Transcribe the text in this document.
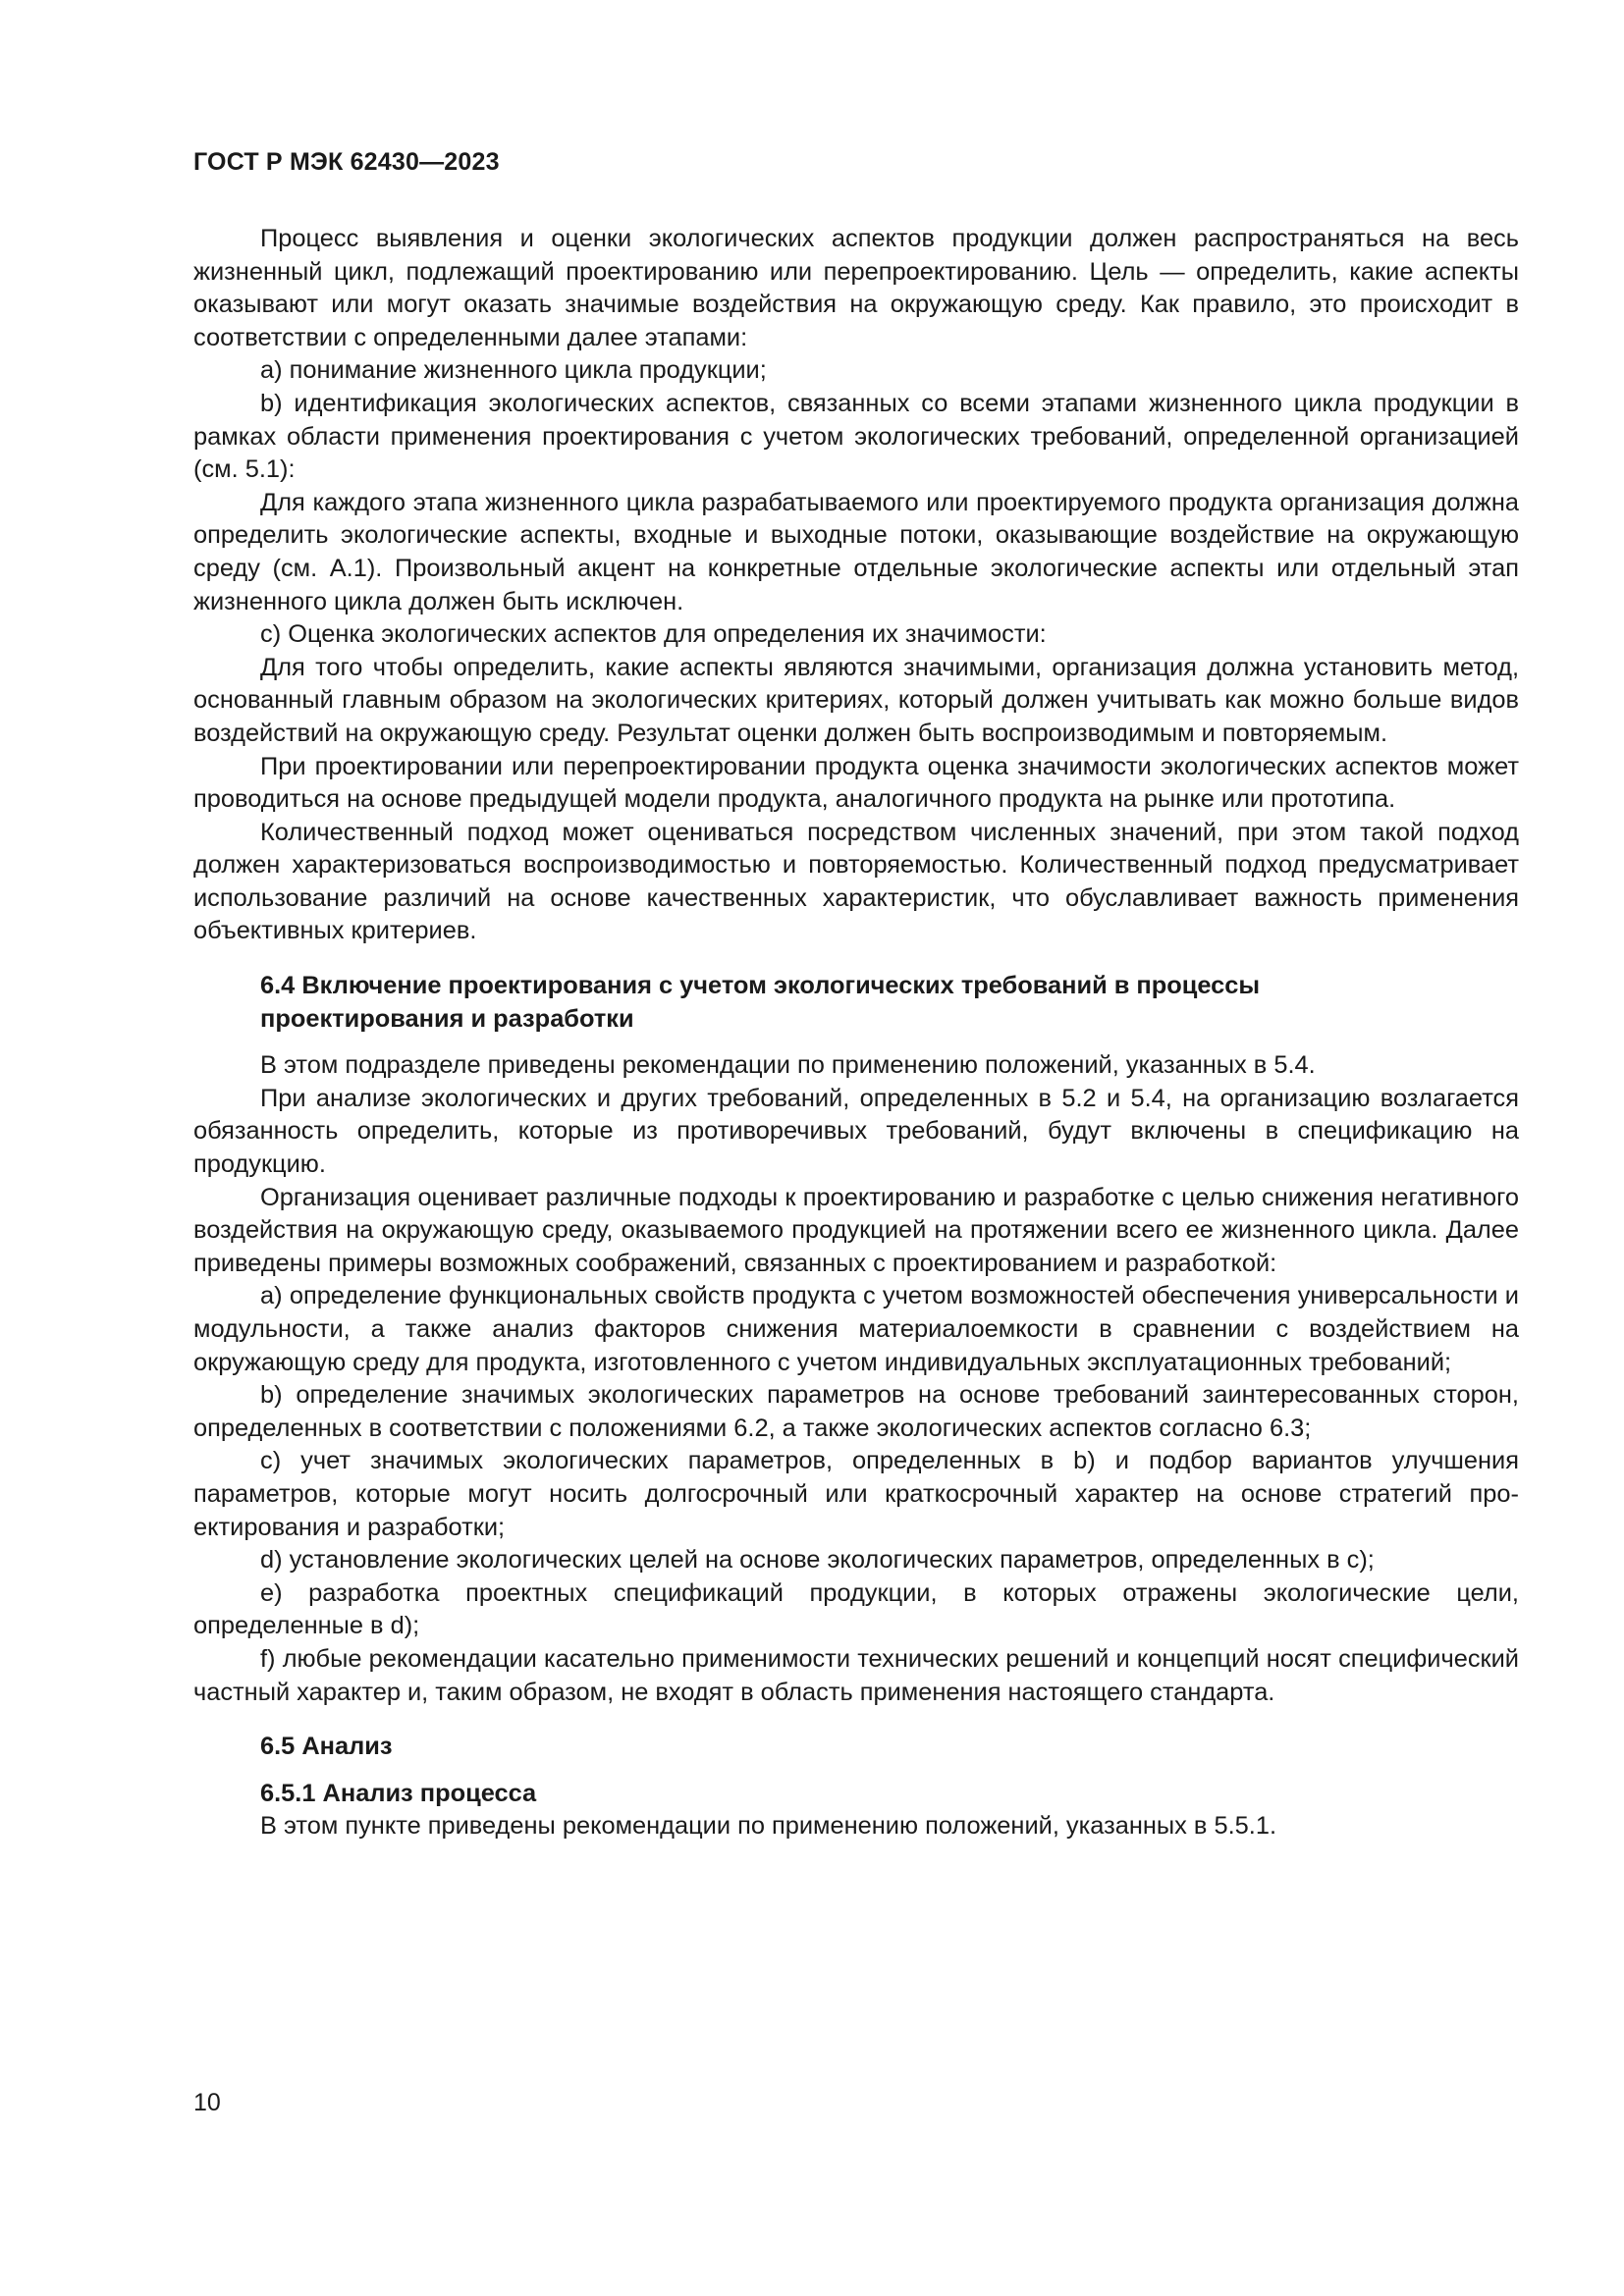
ГОСТ Р МЭК 62430—2023

Процесс выявления и оценки экологических аспектов продукции должен распространяться на весь жизненный цикл, подлежащий проектированию или перепроектированию. Цель — определить, какие аспекты оказывают или могут оказать значимые воздействия на окружающую среду. Как правило, это происходит в соответствии с определенными далее этапами:

a) понимание жизненного цикла продукции;

b) идентификация экологических аспектов, связанных со всеми этапами жизненного цикла продукции в рамках области применения проектирования с учетом экологических требований, определенной организацией (см. 5.1):

Для каждого этапа жизненного цикла разрабатываемого или проектируемого продукта организация должна определить экологические аспекты, входные и выходные потоки, оказывающие воздействие на окружающую среду (см. А.1). Произвольный акцент на конкретные отдельные экологические аспекты или отдельный этап жизненного цикла должен быть исключен.

c) Оценка экологических аспектов для определения их значимости:

Для того чтобы определить, какие аспекты являются значимыми, организация должна установить метод, основанный главным образом на экологических критериях, который должен учитывать как можно больше видов воздействий на окружающую среду. Результат оценки должен быть воспроизводимым и повторяемым.

При проектировании или перепроектировании продукта оценка значимости экологических аспектов может проводиться на основе предыдущей модели продукта, аналогичного продукта на рынке или прототипа.

Количественный подход может оцениваться посредством численных значений, при этом такой подход должен характеризоваться воспроизводимостью и повторяемостью. Количественный подход предусматривает использование различий на основе качественных характеристик, что обуславливает важность применения объективных критериев.

6.4 Включение проектирования с учетом экологических требований в процессы
проектирования и разработки

В этом подразделе приведены рекомендации по применению положений, указанных в 5.4.

При анализе экологических и других требований, определенных в 5.2 и 5.4, на организацию возлагается обязанность определить, которые из противоречивых требований, будут включены в спецификацию на продукцию.

Организация оценивает различные подходы к проектированию и разработке с целью снижения негативного воздействия на окружающую среду, оказываемого продукцией на протяжении всего ее жизненного цикла. Далее приведены примеры возможных соображений, связанных с проектированием и разработкой:

a) определение функциональных свойств продукта с учетом возможностей обеспечения универсальности и модульности, а также анализ факторов снижения материалоемкости в сравнении с воздействием на окружающую среду для продукта, изготовленного с учетом индивидуальных эксплуатационных требований;

b) определение значимых экологических параметров на основе требований заинтересованных сторон, определенных в соответствии с положениями 6.2, а также экологических аспектов согласно 6.3;

c) учет значимых экологических параметров, определенных в b) и подбор вариантов улучшения параметров, которые могут носить долгосрочный или краткосрочный характер на основе стратегий проектирования и разработки;

d) установление экологических целей на основе экологических параметров, определенных в с);

e) разработка проектных спецификаций продукции, в которых отражены экологические цели, определенные в d);

f) любые рекомендации касательно применимости технических решений и концепций носят специфический частный характер и, таким образом, не входят в область применения настоящего стандарта.

6.5 Анализ

6.5.1 Анализ процесса

В этом пункте приведены рекомендации по применению положений, указанных в 5.5.1.

10
